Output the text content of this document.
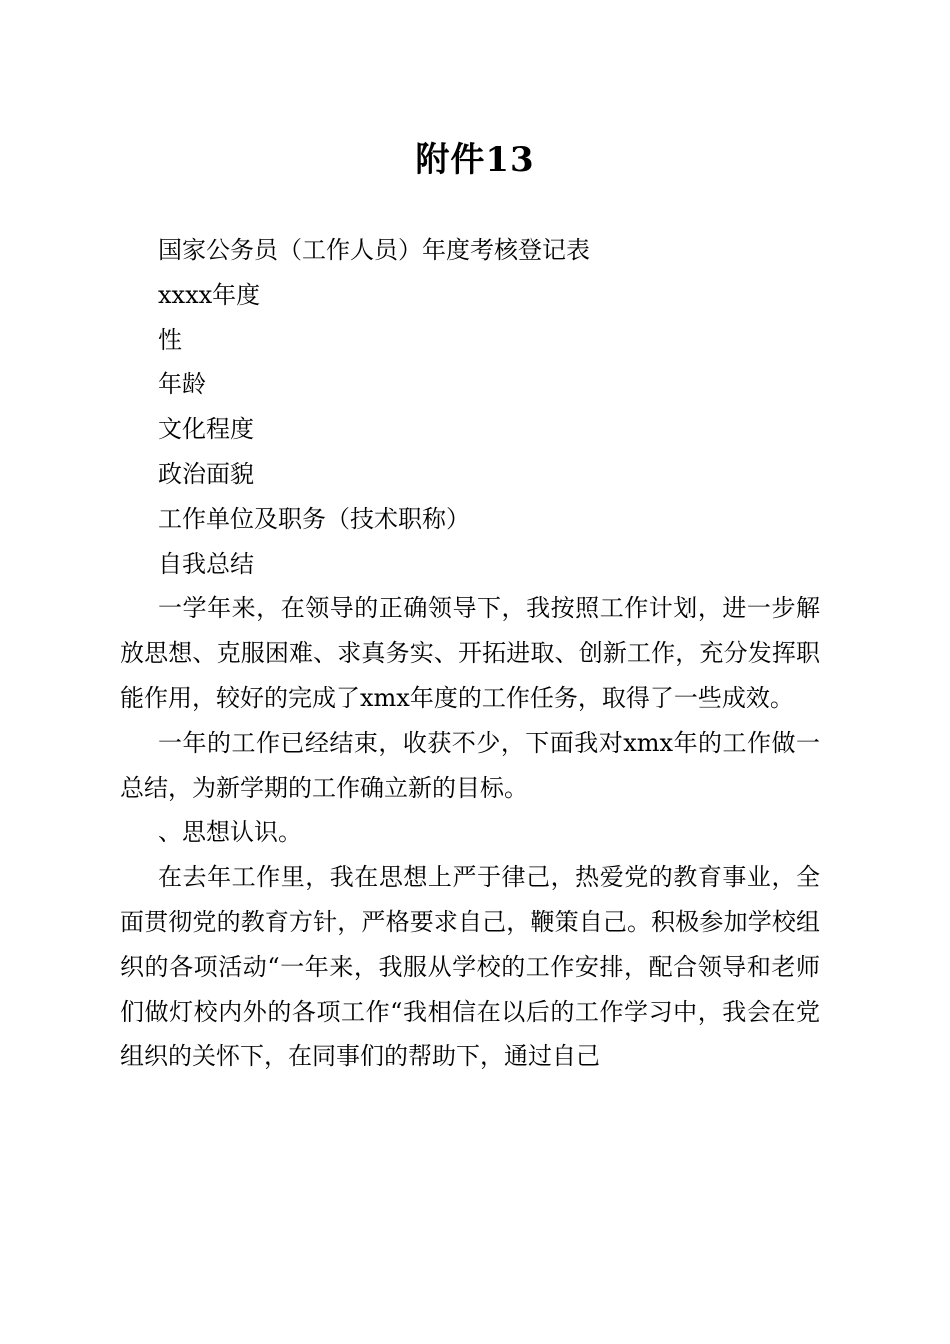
附件13

国家公务员（工作人员）年度考核登记表

xxxx年度

性

年龄

文化程度

政治面貌

工作单位及职务（技术职称）

自我总结

一学年来，在领导的正确领导下，我按照工作计划，进一步解放思想、克服困难、求真务实、开拓进取、创新工作，充分发挥职能作用，较好的完成了xmx年度的工作任务，取得了一些成效。

一年的工作已经结束，收获不少，下面我对xmx年的工作做一总结，为新学期的工作确立新的目标。

、思想认识。

在去年工作里，我在思想上严于律己，热爱党的教育事业，全面贯彻党的教育方针，严格要求自己，鞭策自己。积极参加学校组织的各项活动“一年来，我服从学校的工作安排，配合领导和老师们做灯校内外的各项工作“我相信在以后的工作学习中，我会在党组织的关怀下，在同事们的帮助下，通过自己
